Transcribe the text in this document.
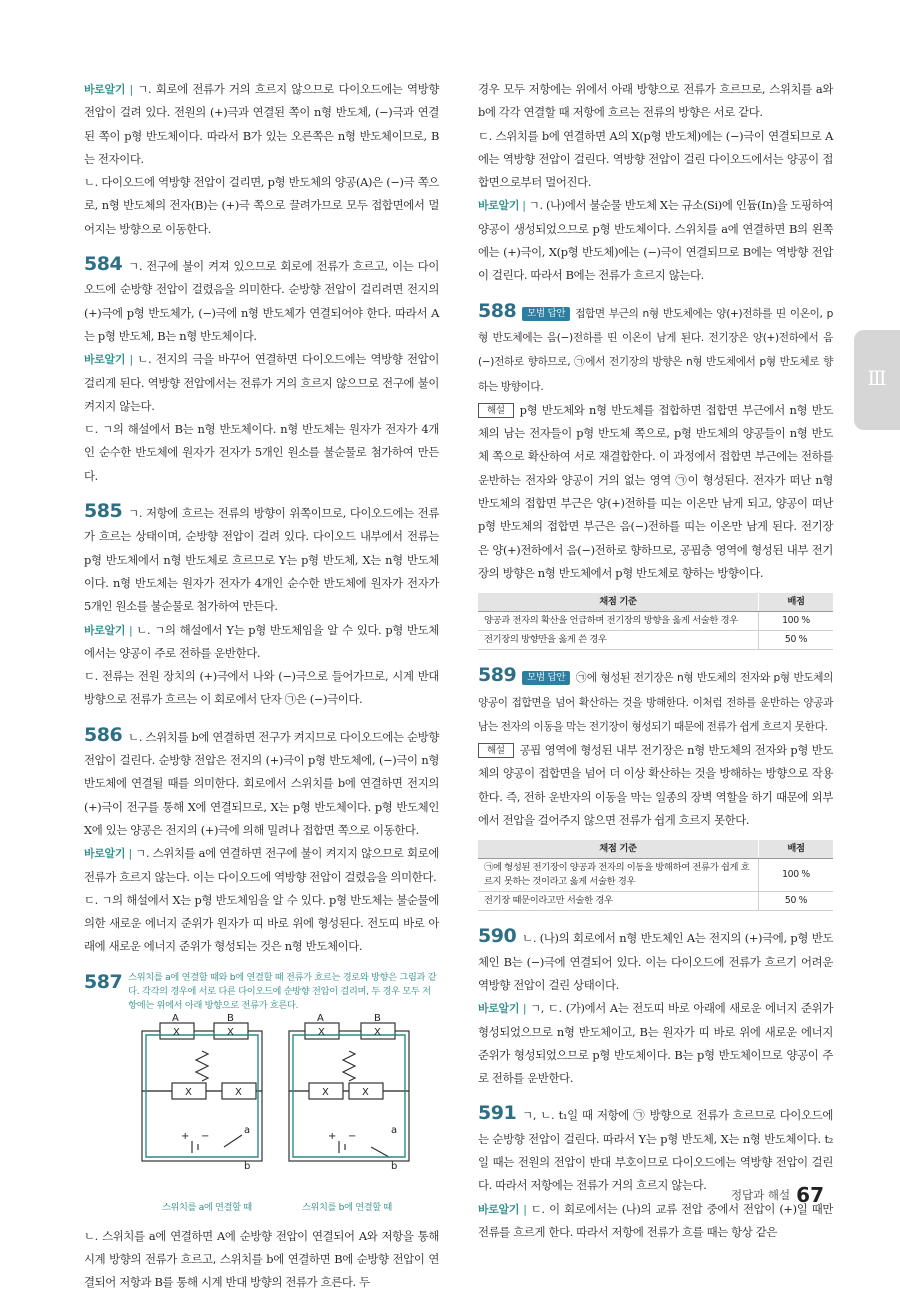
Ⅲ

바로알기 | ㄱ. 회로에 전류가 거의 흐르지 않으므로 다이오드에는 역방향 전압이 걸려 있다. 전원의 (+)극과 연결된 쪽이 n형 반도체, (−)극과 연결된 쪽이 p형 반도체이다. 따라서 B가 있는 오른쪽은 n형 반도체이므로, B는 전자이다.

ㄴ. 다이오드에 역방향 전압이 걸리면, p형 반도체의 양공(A)은 (−)극 쪽으로, n형 반도체의 전자(B)는 (+)극 쪽으로 끌려가므로 모두 접합면에서 멀어지는 방향으로 이동한다.

584 ㄱ. 전구에 불이 켜져 있으므로 회로에 전류가 흐르고, 이는 다이오드에 순방향 전압이 걸렸음을 의미한다. 순방향 전압이 걸리려면 전지의 (+)극에 p형 반도체가, (−)극에 n형 반도체가 연결되어야 한다. 따라서 A는 p형 반도체, B는 n형 반도체이다.

바로알기 | ㄴ. 전지의 극을 바꾸어 연결하면 다이오드에는 역방향 전압이 걸리게 된다. 역방향 전압에서는 전류가 거의 흐르지 않으므로 전구에 불이 켜지지 않는다.

ㄷ. ㄱ의 해설에서 B는 n형 반도체이다. n형 반도체는 원자가 전자가 4개인 순수한 반도체에 원자가 전자가 5개인 원소를 불순물로 첨가하여 만든다.

585 ㄱ. 저항에 흐르는 전류의 방향이 위쪽이므로, 다이오드에는 전류가 흐르는 상태이며, 순방향 전압이 걸려 있다. 다이오드 내부에서 전류는 p형 반도체에서 n형 반도체로 흐르므로 Y는 p형 반도체, X는 n형 반도체이다. n형 반도체는 원자가 전자가 4개인 순수한 반도체에 원자가 전자가 5개인 원소를 불순물로 첨가하여 만든다.

바로알기 | ㄴ. ㄱ의 해설에서 Y는 p형 반도체임을 알 수 있다. p형 반도체에서는 양공이 주로 전하를 운반한다.

ㄷ. 전류는 전원 장치의 (+)극에서 나와 (−)극으로 들어가므로, 시계 반대 방향으로 전류가 흐르는 이 회로에서 단자 ㉠은 (−)극이다.

586 ㄴ. 스위치를 b에 연결하면 전구가 켜지므로 다이오드에는 순방향 전압이 걸린다. 순방향 전압은 전지의 (+)극이 p형 반도체에, (−)극이 n형 반도체에 연결될 때를 의미한다. 회로에서 스위치를 b에 연결하면 전지의 (+)극이 전구를 통해 X에 연결되므로, X는 p형 반도체이다. p형 반도체인 X에 있는 양공은 전지의 (+)극에 의해 밀려나 접합면 쪽으로 이동한다.

바로알기 | ㄱ. 스위치를 a에 연결하면 전구에 불이 켜지지 않으므로 회로에 전류가 흐르지 않는다. 이는 다이오드에 역방향 전압이 걸렸음을 의미한다.

ㄷ. ㄱ의 해설에서 X는 p형 반도체임을 알 수 있다. p형 반도체는 불순물에 의한 새로운 에너지 준위가 원자가 띠 바로 위에 형성된다. 전도띠 바로 아래에 새로운 에너지 준위가 형성되는 것은 n형 반도체이다.

587 스위치를 a에 연결할 때와 b에 연결할 때 전류가 흐르는 경로와 방향은 그림과 같다. 각각의 경우에 서로 다른 다이오드에 순방향 전압이 걸리며, 두 경우 모두 저항에는 위에서 아래 방향으로 전류가 흐른다.
A	B
X	X
X	X
+ −
a
b
A	B
X	X
X	X
+ −
a
b
스위치를 a에 연결할 때	스위치를 b에 연결할 때

ㄴ. 스위치를 a에 연결하면 A에 순방향 전압이 연결되어 A와 저항을 통해 시계 방향의 전류가 흐르고, 스위치를 b에 연결하면 B에 순방향 전압이 연결되어 저항과 B를 통해 시계 반대 방향의 전류가 흐른다. 두

경우 모두 저항에는 위에서 아래 방향으로 전류가 흐르므로, 스위치를 a와 b에 각각 연결할 때 저항에 흐르는 전류의 방향은 서로 같다.

ㄷ. 스위치를 b에 연결하면 A의 X(p형 반도체)에는 (−)극이 연결되므로 A에는 역방향 전압이 걸린다. 역방향 전압이 걸린 다이오드에서는 양공이 접합면으로부터 멀어진다.

바로알기 | ㄱ. (나)에서 불순물 반도체 X는 규소(Si)에 인듐(In)을 도핑하여 양공이 생성되었으므로 p형 반도체이다. 스위치를 a에 연결하면 B의 왼쪽에는 (+)극이, X(p형 반도체)에는 (−)극이 연결되므로 B에는 역방향 전압이 걸린다. 따라서 B에는 전류가 흐르지 않는다.

588 모범 답안 접합면 부근의 n형 반도체에는 양(+)전하를 띤 이온이, p형 반도체에는 음(−)전하를 띤 이온이 남게 된다. 전기장은 양(+)전하에서 음(−)전하로 향하므로, ㉠에서 전기장의 방향은 n형 반도체에서 p형 반도체로 향하는 방향이다.

해설 p형 반도체와 n형 반도체를 접합하면 접합면 부근에서 n형 반도체의 남는 전자들이 p형 반도체 쪽으로, p형 반도체의 양공들이 n형 반도체 쪽으로 확산하여 서로 재결합한다. 이 과정에서 접합면 부근에는 전하를 운반하는 전자와 양공이 거의 없는 영역 ㉠이 형성된다. 전자가 떠난 n형 반도체의 접합면 부근은 양(+)전하를 띠는 이온만 남게 되고, 양공이 떠난 p형 반도체의 접합면 부근은 음(−)전하를 띠는 이온만 남게 된다. 전기장은 양(+)전하에서 음(−)전하로 향하므로, 공핍층 영역에 형성된 내부 전기장의 방향은 n형 반도체에서 p형 반도체로 향하는 방향이다.

채점 기준	배점
양공과 전자의 확산을 언급하며 전기장의 방향을 옳게 서술한 경우	100 %
전기장의 방향만을 옳게 쓴 경우	50 %

589 모범 답안 ㉠에 형성된 전기장은 n형 반도체의 전자와 p형 반도체의 양공이 접합면을 넘어 확산하는 것을 방해한다. 이처럼 전하를 운반하는 양공과 남는 전자의 이동을 막는 전기장이 형성되기 때문에 전류가 쉽게 흐르지 못한다.

해설 공핍 영역에 형성된 내부 전기장은 n형 반도체의 전자와 p형 반도체의 양공이 접합면을 넘어 더 이상 확산하는 것을 방해하는 방향으로 작용한다. 즉, 전하 운반자의 이동을 막는 일종의 장벽 역할을 하기 때문에 외부에서 전압을 걸어주지 않으면 전류가 쉽게 흐르지 못한다.

채점 기준	배점
㉠에 형성된 전기장이 양공과 전자의 이동을 방해하여 전류가 쉽게 흐르지 못하는 것이라고 옳게 서술한 경우	100 %
전기장 때문이라고만 서술한 경우	50 %

590 ㄴ. (나)의 회로에서 n형 반도체인 A는 전지의 (+)극에, p형 반도체인 B는 (−)극에 연결되어 있다. 이는 다이오드에 전류가 흐르기 어려운 역방향 전압이 걸린 상태이다.

바로알기 | ㄱ, ㄷ. (가)에서 A는 전도띠 바로 아래에 새로운 에너지 준위가 형성되었으므로 n형 반도체이고, B는 원자가 띠 바로 위에 새로운 에너지 준위가 형성되었으므로 p형 반도체이다. B는 p형 반도체이므로 양공이 주로 전하를 운반한다.

591 ㄱ, ㄴ. t₁일 때 저항에 ㉠ 방향으로 전류가 흐르므로 다이오드에는 순방향 전압이 걸린다. 따라서 Y는 p형 반도체, X는 n형 반도체이다. t₂일 때는 전원의 전압이 반대 부호이므로 다이오드에는 역방향 전압이 걸린다. 따라서 저항에는 전류가 거의 흐르지 않는다.

바로알기 | ㄷ. 이 회로에서는 (나)의 교류 전압 중에서 전압이 (+)일 때만 전류를 흐르게 한다. 따라서 저항에 전류가 흐를 때는 항상 같은

정답과 해설 67
